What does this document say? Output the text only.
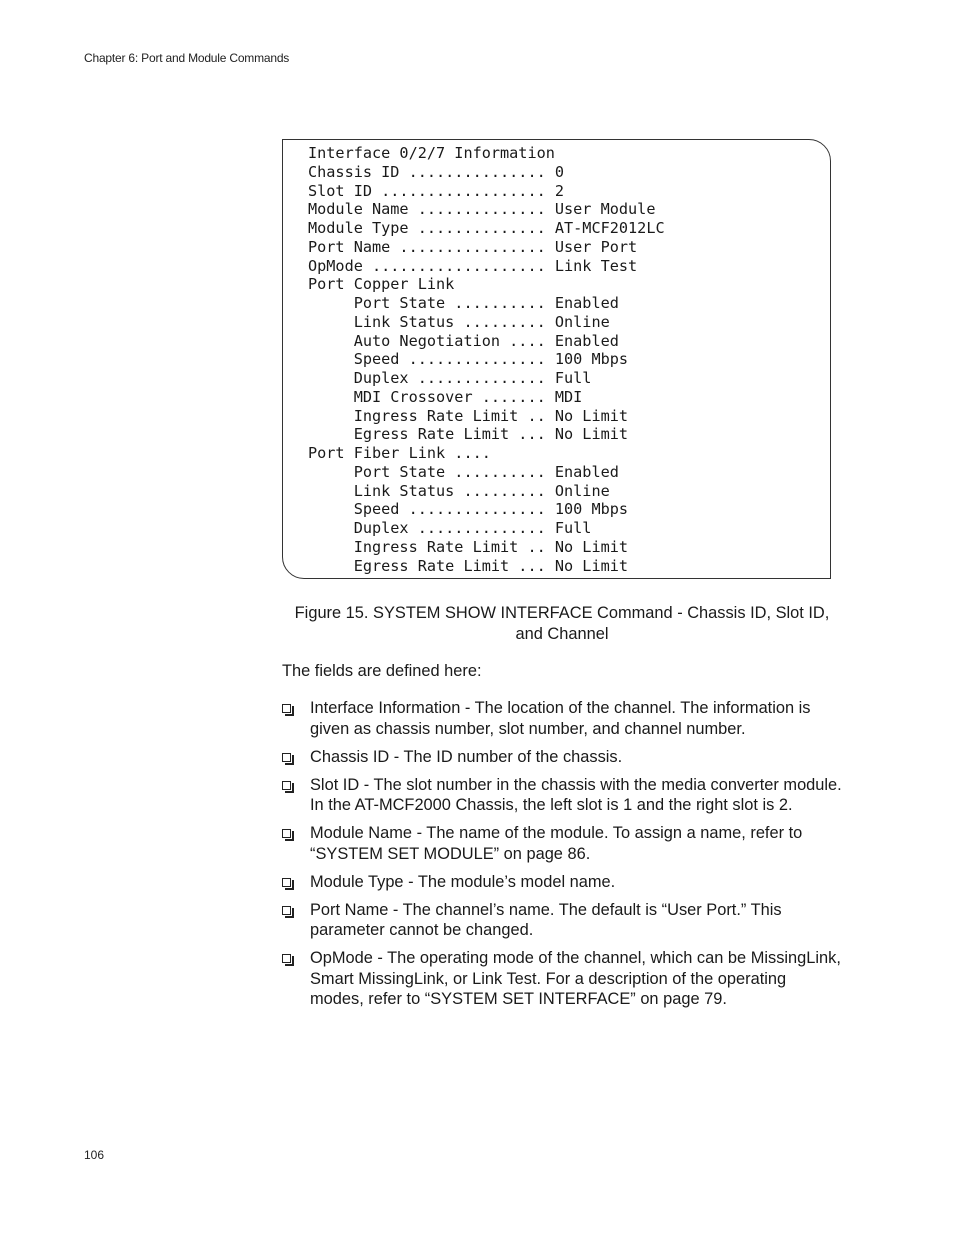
Chapter 6: Port and Module Commands
Interface 0/2/7 Information
Chassis ID ............... 0
Slot ID .................. 2
Module Name .............. User Module
Module Type .............. AT-MCF2012LC
Port Name ................ User Port
OpMode ................... Link Test
Port Copper Link
Port State .......... Enabled
Link Status ......... Online
Auto Negotiation .... Enabled
Speed ............... 100 Mbps
Duplex .............. Full
MDI Crossover ....... MDI
Ingress Rate Limit .. No Limit
Egress Rate Limit ... No Limit
Port Fiber Link ....
Port State .......... Enabled
Link Status ......... Online
Speed ............... 100 Mbps
Duplex .............. Full
Ingress Rate Limit .. No Limit
Egress Rate Limit ... No Limit
Figure 15. SYSTEM SHOW INTERFACE Command - Chassis ID, Slot ID,
and Channel
The fields are defined here:
Interface Information - The location of the channel. The information is given as chassis number, slot number, and channel number.
Chassis ID - The ID number of the chassis.
Slot ID - The slot number in the chassis with the media converter module. In the AT-MCF2000 Chassis, the left slot is 1 and the right slot is 2.
Module Name - The name of the module. To assign a name, refer to “SYSTEM SET MODULE” on page 86.
Module Type - The module’s model name.
Port Name - The channel’s name. The default is “User Port.” This parameter cannot be changed.
OpMode - The operating mode of the channel, which can be MissingLink, Smart MissingLink, or Link Test. For a description of the operating modes, refer to “SYSTEM SET INTERFACE” on page 79.
106
